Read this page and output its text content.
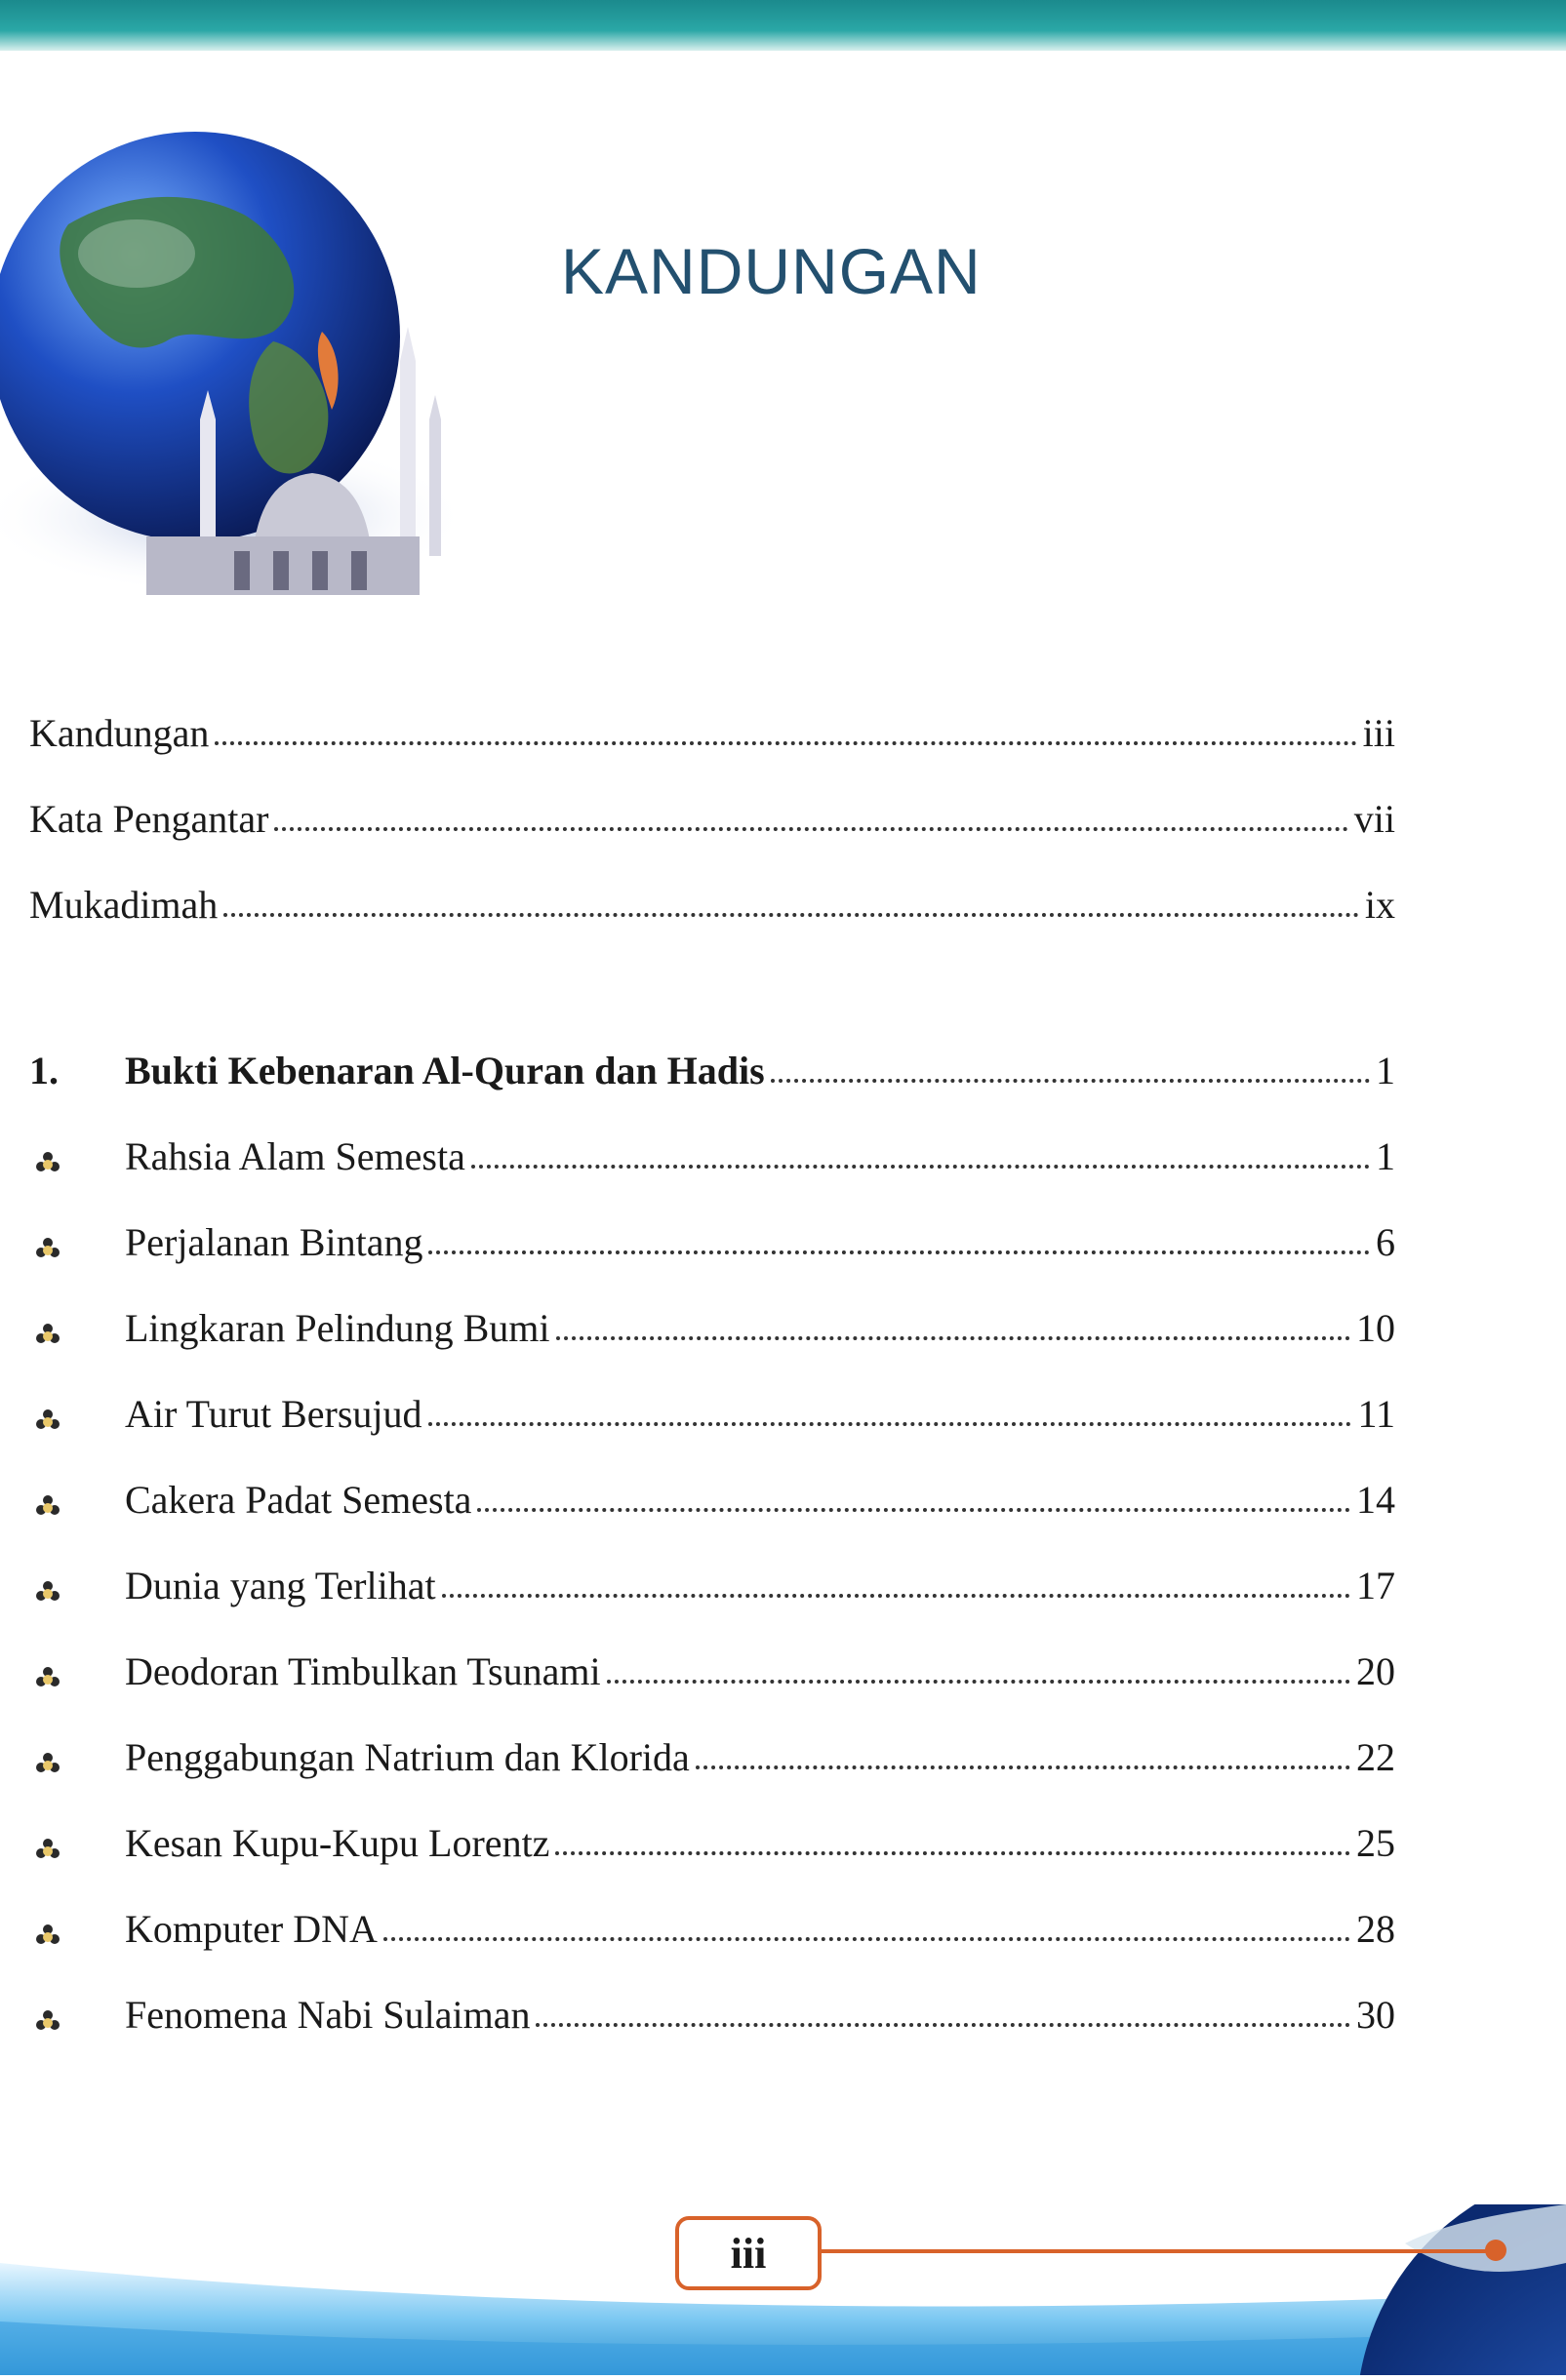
KANDUNGAN
Kandungan	iii
Kata Pengantar	vii
Mukadimah	ix
1.	Bukti Kebenaran Al-Quran dan Hadis	1
Rahsia Alam Semesta	1
Perjalanan Bintang	6
Lingkaran Pelindung Bumi	10
Air Turut Bersujud	11
Cakera Padat Semesta	14
Dunia yang Terlihat	17
Deodoran Timbulkan Tsunami	20
Penggabungan Natrium dan Klorida	22
Kesan Kupu-Kupu Lorentz	25
Komputer DNA	28
Fenomena Nabi Sulaiman	30
iii
